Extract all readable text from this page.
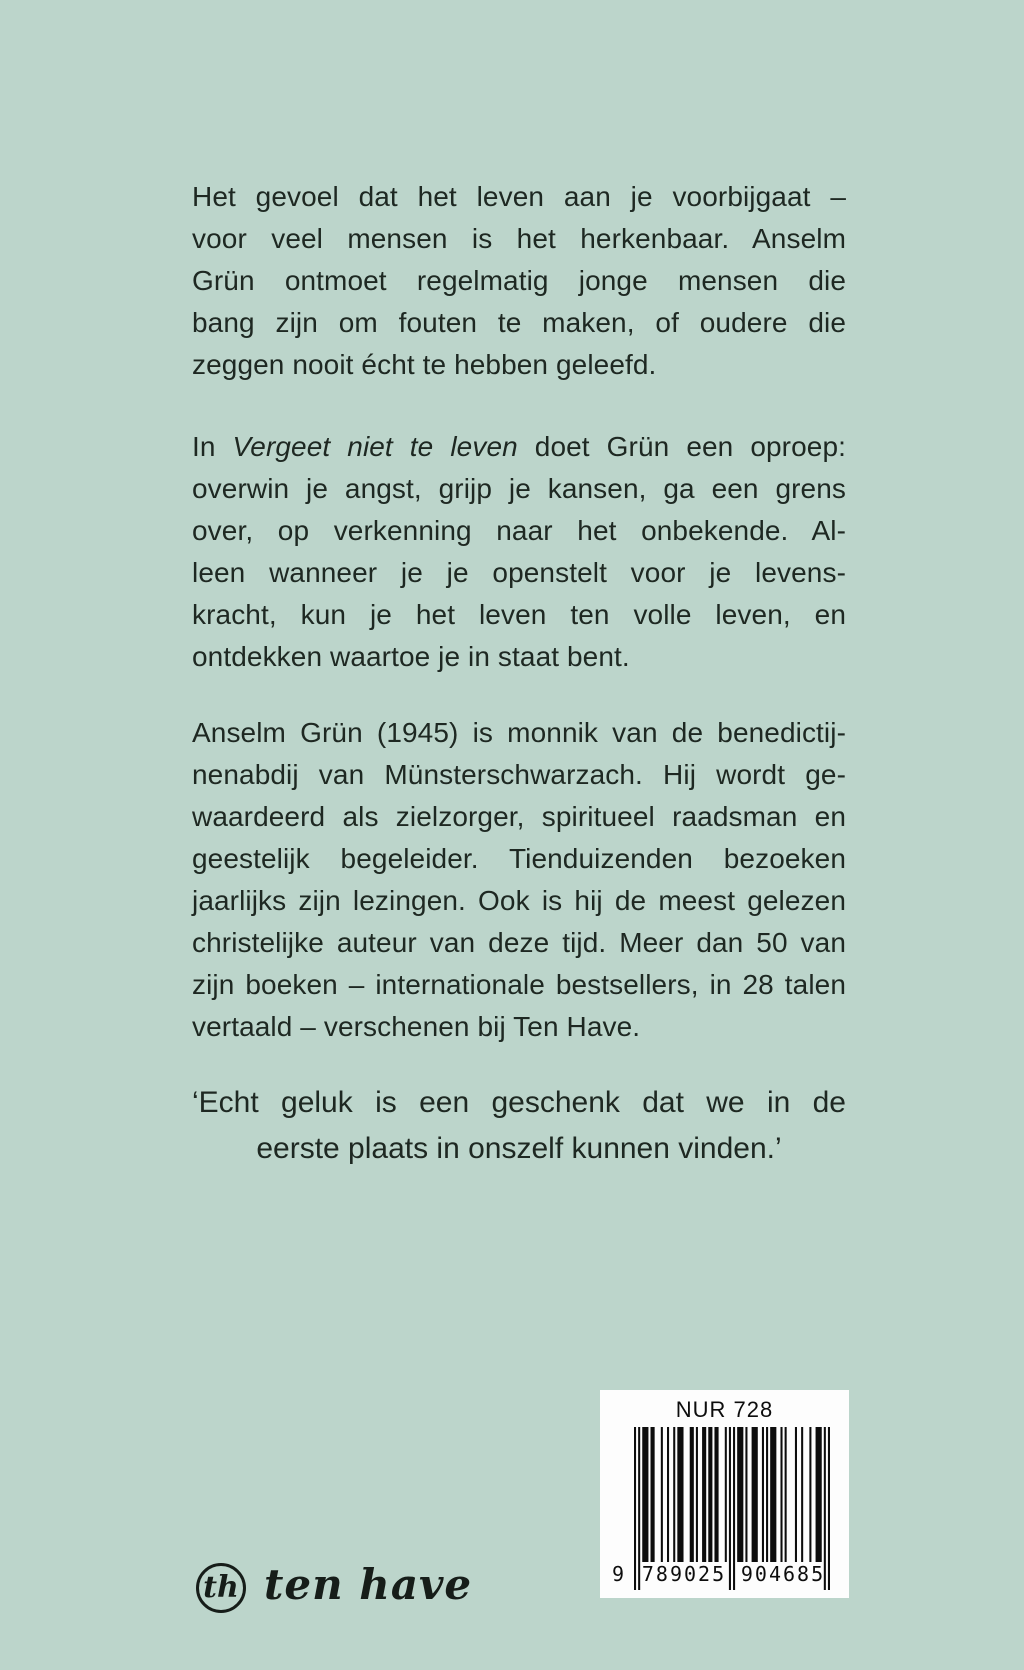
Het gevoel dat het leven aan je voorbijgaat –
voor veel mensen is het herkenbaar. Anselm
Grün ontmoet regelmatig jonge mensen die
bang zijn om fouten te maken, of oudere die
zeggen nooit écht te hebben geleefd.
In Vergeet niet te leven doet Grün een oproep:
overwin je angst, grijp je kansen, ga een grens
over, op verkenning naar het onbekende. Al-
leen wanneer je je openstelt voor je levens-
kracht, kun je het leven ten volle leven, en
ontdekken waartoe je in staat bent.
Anselm Grün (1945) is monnik van de benedictij-
nenabdij van Münsterschwarzach. Hij wordt ge-
waardeerd als zielzorger, spiritueel raadsman en
geestelijk begeleider. Tienduizenden bezoeken
jaarlijks zijn lezingen. Ook is hij de meest gelezen
christelijke auteur van deze tijd. Meer dan 50 van
zijn boeken – internationale bestsellers, in 28 talen
vertaald – verschenen bij Ten Have.
‘Echt geluk is een geschenk dat we in de
eerste plaats in onszelf kunnen vinden.’
th ten have
NUR 728
9 789025 904685
